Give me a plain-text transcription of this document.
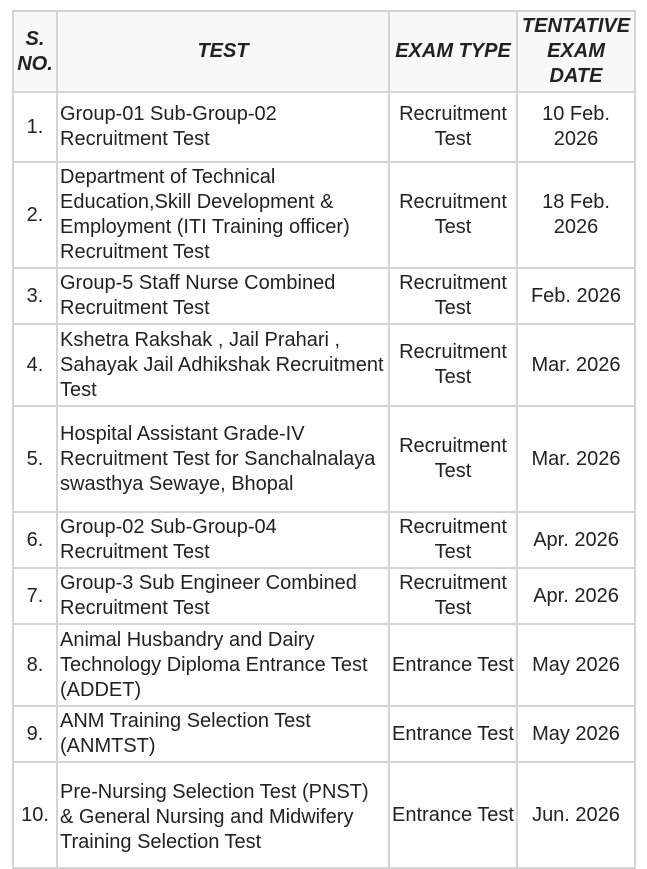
S. NO.	TEST	EXAM TYPE	TENTATIVE EXAM DATE
1.	Group-01 Sub-Group-02 Recruitment Test	Recruitment Test	10 Feb. 2026
2.	Department of Technical Education,Skill Development & Employment (ITI Training officer) Recruitment Test	Recruitment Test	18 Feb. 2026
3.	Group-5 Staff Nurse Combined Recruitment Test	Recruitment Test	Feb. 2026
4.	Kshetra Rakshak , Jail Prahari , Sahayak Jail Adhikshak Recruitment Test	Recruitment Test	Mar. 2026
5.	Hospital Assistant Grade-IV Recruitment Test for Sanchalnalaya swasthya Sewaye, Bhopal	Recruitment Test	Mar. 2026
6.	Group-02 Sub-Group-04 Recruitment Test	Recruitment Test	Apr. 2026
7.	Group-3 Sub Engineer Combined Recruitment Test	Recruitment Test	Apr. 2026
8.	Animal Husbandry and Dairy Technology Diploma Entrance Test (ADDET)	Entrance Test	May 2026
9.	ANM Training Selection Test (ANMTST)	Entrance Test	May 2026
10.	Pre-Nursing Selection Test (PNST) & General Nursing and Midwifery Training Selection Test	Entrance Test	Jun. 2026
